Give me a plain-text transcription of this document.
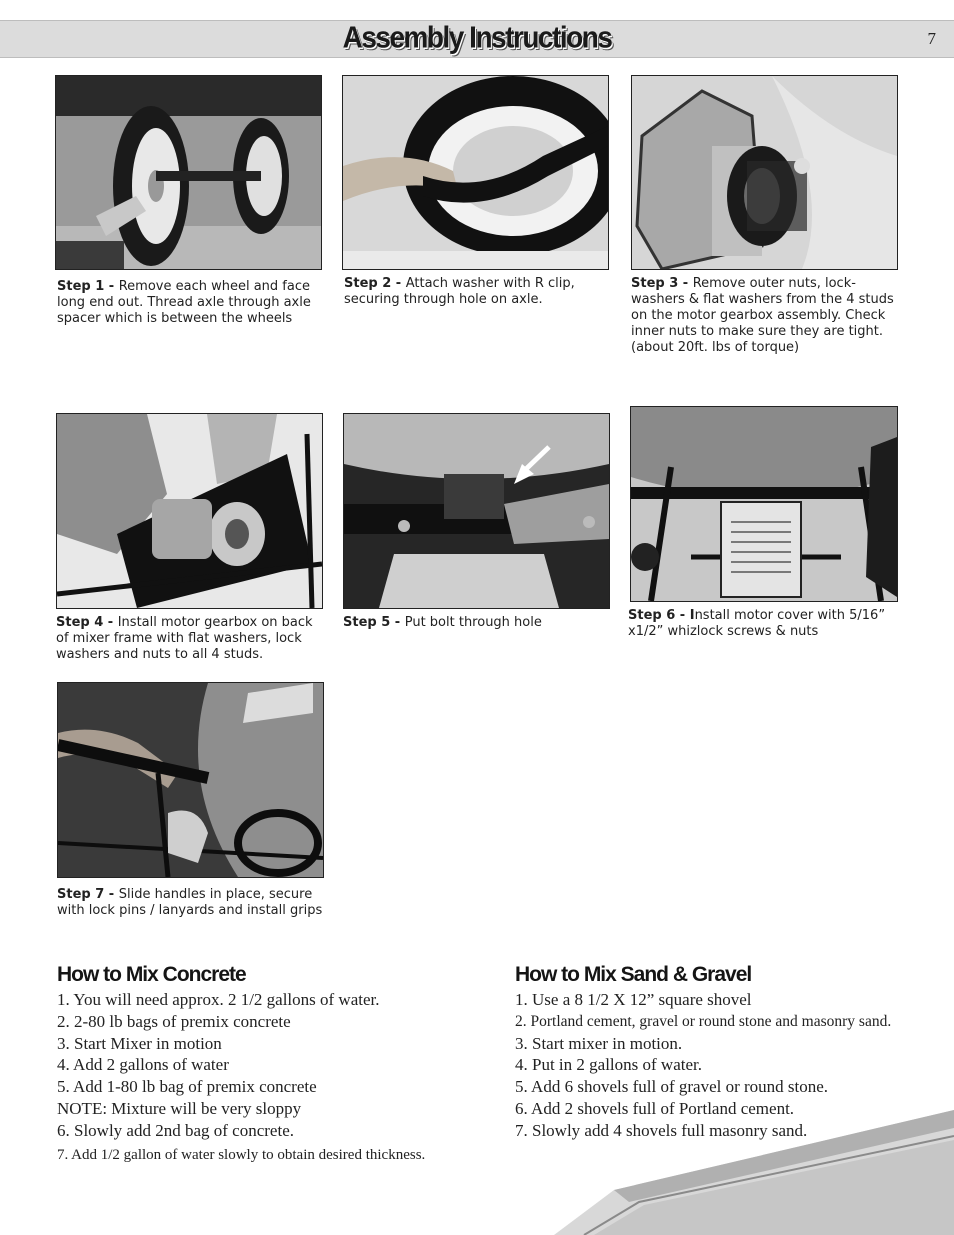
Assembly Instructions	7
Step 1 - Remove each wheel and face long end out. Thread axle through axle spacer which is between the wheels
Step 2 - Attach washer with R clip, securing through hole on axle.
Step 3 - Remove outer nuts, lock-washers & flat washers from the 4 studs on the motor gearbox assembly. Check inner nuts to make sure they are tight. (about 20ft. lbs of torque)
Step 4 - Install motor gearbox on back of mixer frame with flat washers, lock washers and nuts to all 4 studs.
Step 5 - Put bolt through hole	Step 6 - Install motor cover with 5/16” x1/2” whizlock screws & nuts
Step 7 - Slide handles in place, secure with lock pins / lanyards and install grips
How to Mix Concrete
1. You will need approx. 2 1/2 gallons of water.
2. 2-80 lb bags of premix concrete
3. Start Mixer in motion
4. Add 2 gallons of water
5. Add 1-80 lb bag of premix concrete
NOTE: Mixture will be very sloppy
6. Slowly add 2nd bag of concrete.
7. Add 1/2 gallon of water slowly to obtain desired thickness.
How to Mix Sand & Gravel
1. Use a 8 1/2 X 12” square shovel
2. Portland cement, gravel or round stone and masonry sand.
3. Start mixer in motion.
4. Put in 2 gallons of water.
5. Add 6 shovels full of gravel or round stone.
6. Add 2 shovels full of Portland cement.
7. Slowly add 4 shovels full masonry sand.
